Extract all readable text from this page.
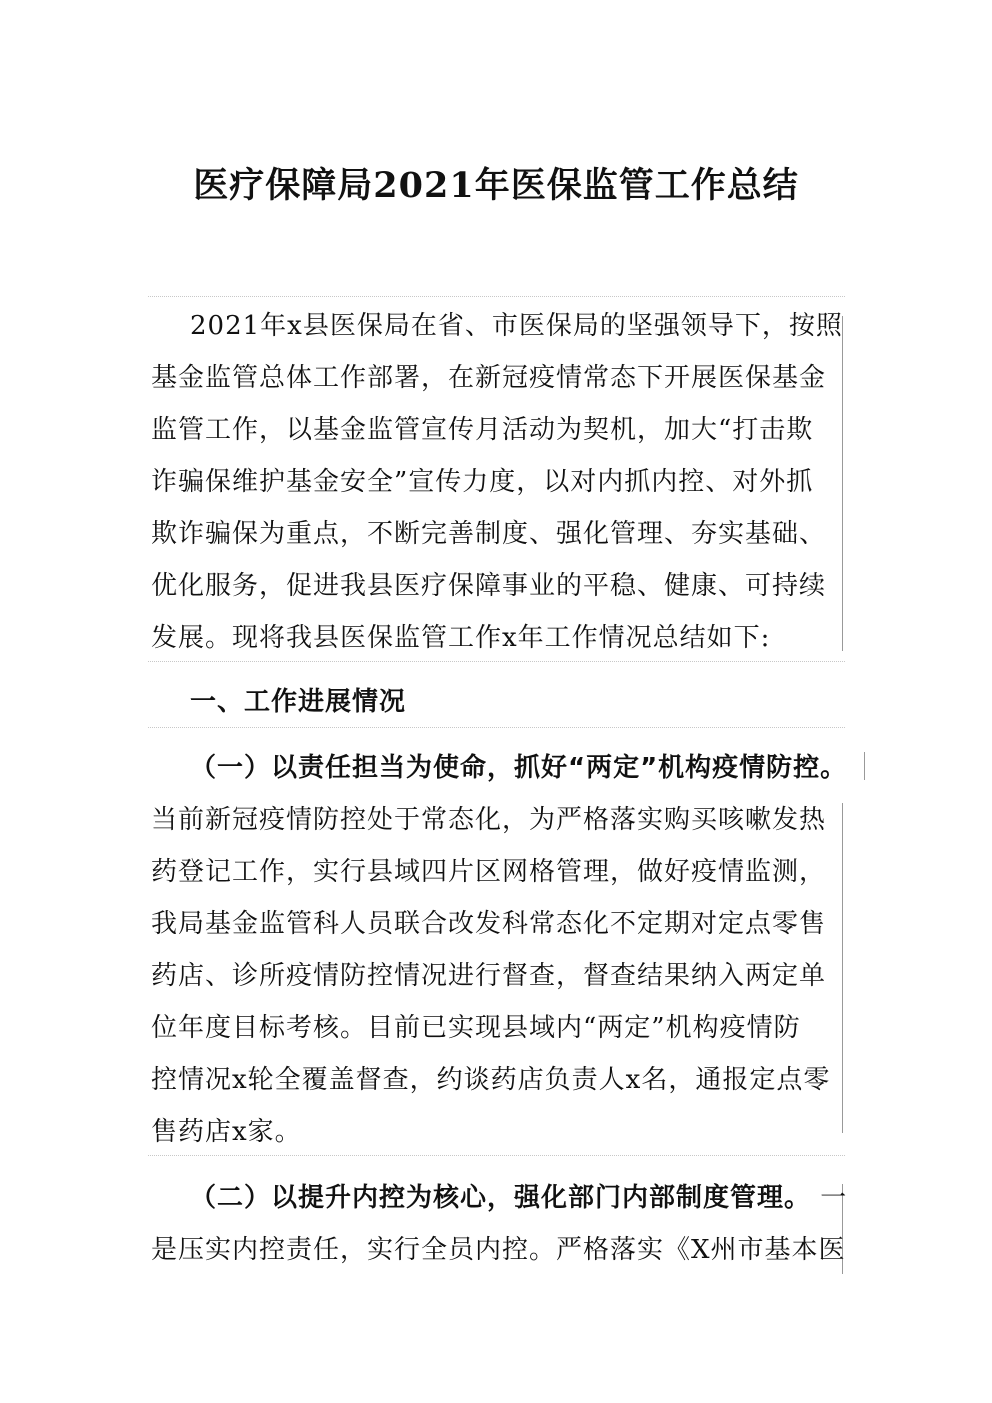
医疗保障局2021年医保监管工作总结
2021年x县医保局在省、市医保局的坚强领导下，按照
基金监管总体工作部署，在新冠疫情常态下开展医保基金
监管工作，以基金监管宣传月活动为契机，加大“打击欺
诈骗保维护基金安全”宣传力度，以对内抓内控、对外抓
欺诈骗保为重点，不断完善制度、强化管理、夯实基础、
优化服务，促进我县医疗保障事业的平稳、健康、可持续
发展。现将我县医保监管工作x年工作情况总结如下:
一、工作进展情况
（一）以责任担当为使命，抓好“两定”机构疫情防控。
当前新冠疫情防控处于常态化，为严格落实购买咳嗽发热
药登记工作，实行县域四片区网格管理，做好疫情监测，
我局基金监管科人员联合改发科常态化不定期对定点零售
药店、诊所疫情防控情况进行督查，督查结果纳入两定单
位年度目标考核。目前已实现县域内“两定”机构疫情防
控情况x轮全覆盖督查，约谈药店负责人x名，通报定点零
售药店x家。
（二）以提升内控为核心，强化部门内部制度管理。 一
是压实内控责任，实行全员内控。严格落实《X州市基本医
